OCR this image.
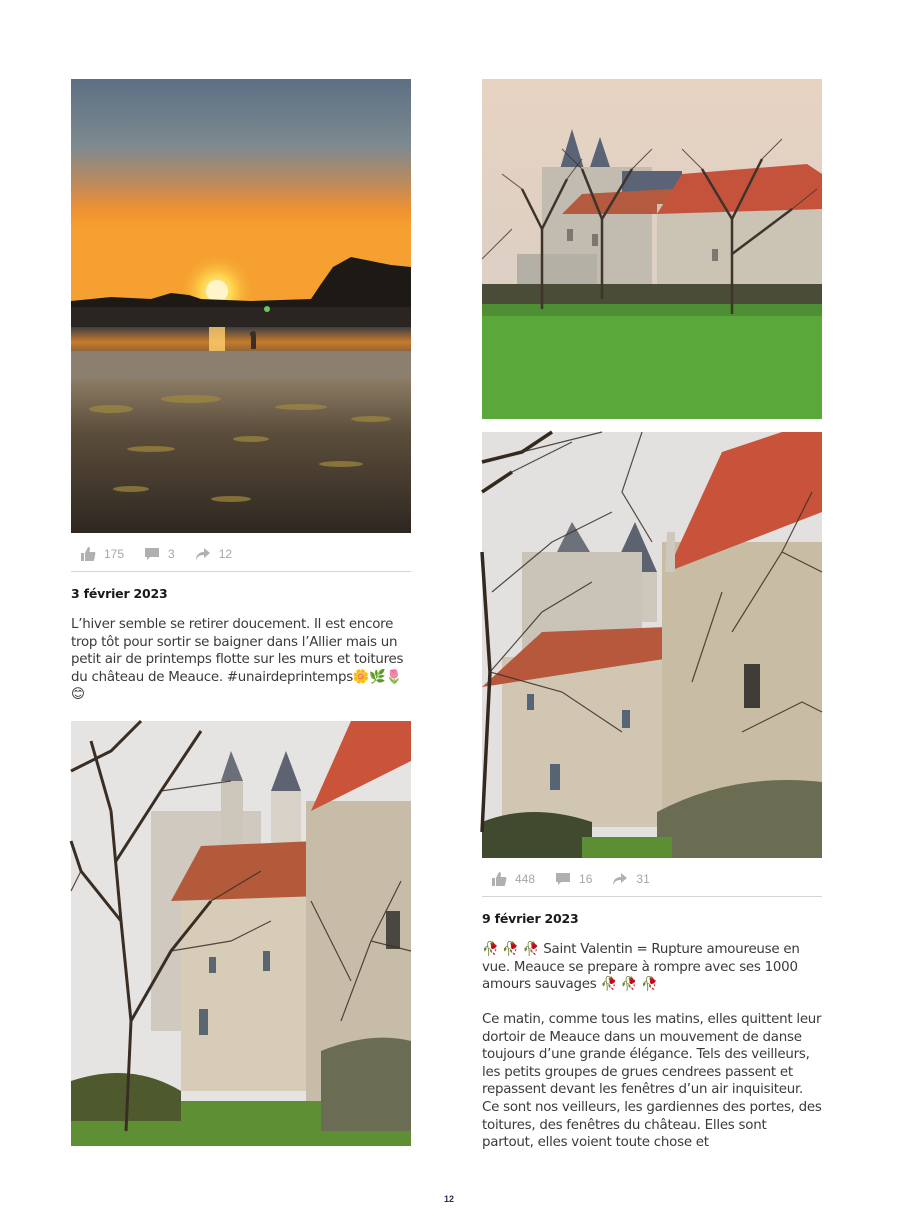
175	3	12
3 février 2023
L’hiver semble se retirer doucement. Il est encore trop tôt pour sortir se baigner dans l’Allier mais un petit air de printemps flotte sur les murs et toitures du château de Meauce. #unairdeprintemps🌼🌿🌷😊
448	16	31
9 février 2023
🥀 🥀 🥀 Saint Valentin = Rupture amoureuse en vue. Meauce se prepare à rompre avec ses 1000 amours sauvages 🥀 🥀 🥀
Ce matin, comme tous les matins, elles quittent leur dortoir de Meauce dans un mouvement de danse toujours d’une grande élégance. Tels des veilleurs, les petits groupes de grues cendrees passent et repassent devant les fenêtres d’un air inquisiteur. Ce sont nos veilleurs, les gardiennes des portes, des toitures, des fenêtres du château. Elles sont partout, elles voient toute chose et
12
